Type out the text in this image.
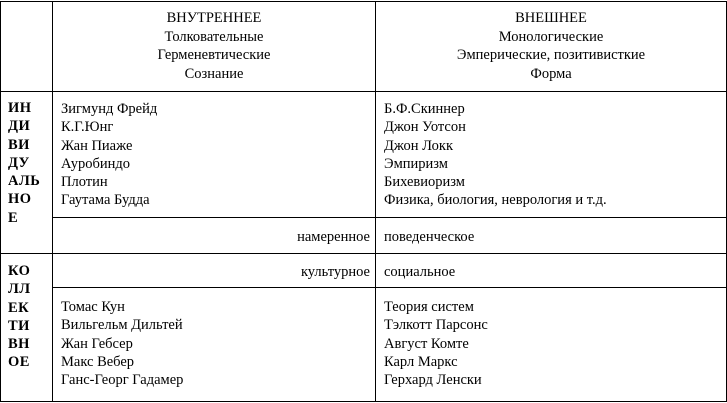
ВНУТРЕННЕЕ
Толковательные
Герменевтические
Сознание
ВНЕШНЕЕ
Монологические
Эмперические, позитивисткие
Форма
ИН
ДИ
ВИ
ДУ
АЛЬ
НО
Е
Зигмунд Фрейд
К.Г.Юнг
Жан Пиаже
Ауробиндо
Плотин
Гаутама Будда
Б.Ф.Скиннер
Джон Уотсон
Джон Локк
Эмпиризм
Бихевиоризм
Физика, биология, неврология и т.д.
намеренное поведенческое
КО
ЛЛ
ЕК
ТИ
ВН
ОЕ
культурное социальное
Томас Кун
Вильгельм Дильтей
Жан Гебсер
Макс Вебер
Ганс-Георг Гадамер
Теория систем
Тэлкотт Парсонс
Август Комте
Карл Маркс
Герхард Ленски
